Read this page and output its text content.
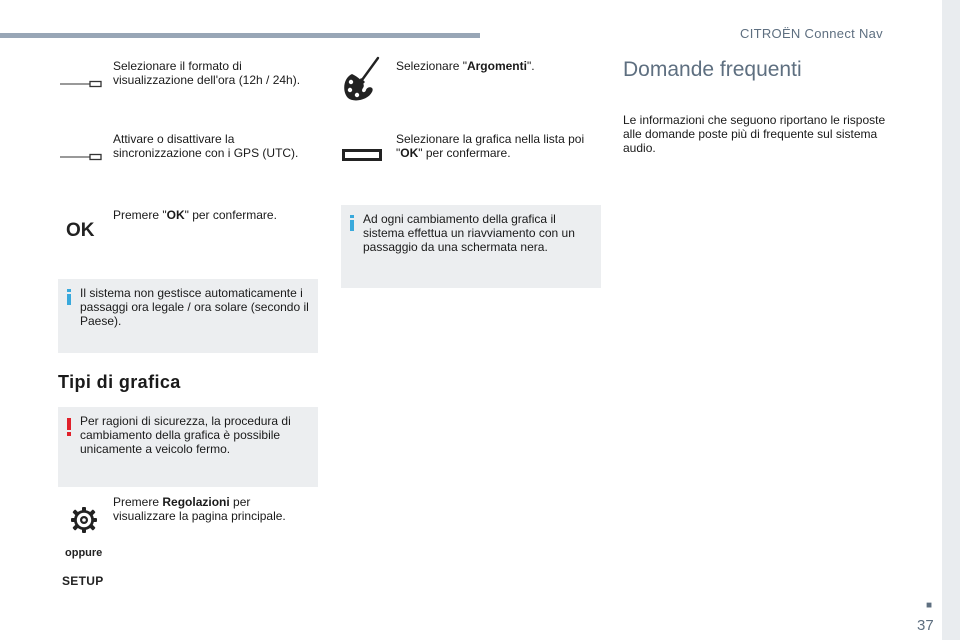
CITROËN Connect Nav
■
37
Selezionare il formato di visualizzazione dell'ora (12h / 24h).
Attivare o disattivare la sincronizzazione con i GPS (UTC).
OK
Premere "OK" per confermare.
Il sistema non gestisce automaticamente i passaggi ora legale / ora solare (secondo il Paese).
Tipi di grafica
Per ragioni di sicurezza, la procedura di cambiamento della grafica è possibile unicamente a veicolo fermo.
Premere Regolazioni per visualizzare la pagina principale.
oppure
SETUP
Selezionare "Argomenti".
Selezionare la grafica nella lista poi "OK" per confermare.
Ad ogni cambiamento della grafica il sistema effettua un riavviamento con un passaggio da una schermata nera.
Domande frequenti
Le informazioni che seguono riportano le risposte alle domande poste più di frequente sul sistema audio.
